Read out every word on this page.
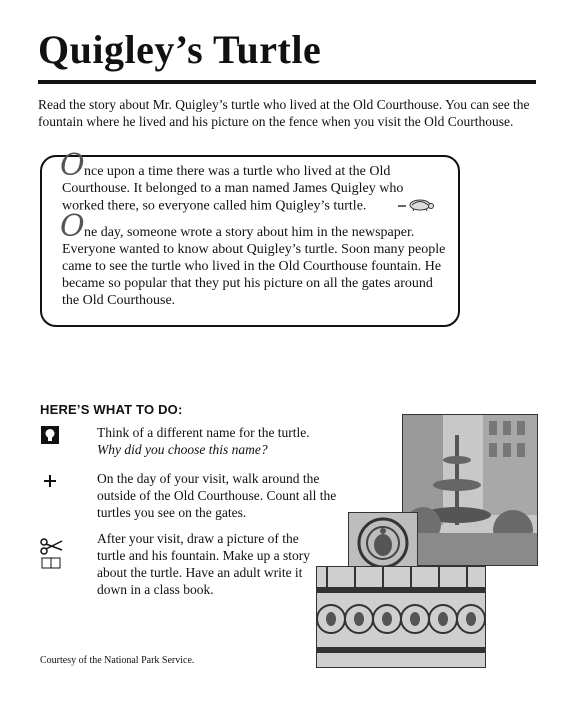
Quigley’s Turtle
Read the story about Mr. Quigley’s turtle who lived at the Old Courthouse. You can see the fountain where he lived and his picture on the fence when you visit the Old Courthouse.

O nce upon a time there was a turtle who lived at the Old Courthouse. It belonged to a man named James Quigley who worked there, so everyone called him Quigley’s turtle.

O ne day, someone wrote a story about him in the newspaper. Everyone wanted to know about Quigley’s turtle. Soon many people came to see the turtle who lived in the Old Courthouse fountain. He became so popular that they put his picture on all the gates around the Old Courthouse.

HERE’S WHAT TO DO:
Think of a different name for the turtle.
Why did you choose this name?
On the day of your visit, walk around the outside of the Old Courthouse. Count all the turtles you see on the gates.
After your visit, draw a picture of the turtle and his fountain. Make up a story about the turtle. Have an adult write it down in a class book.
Courtesy of the National Park Service.
